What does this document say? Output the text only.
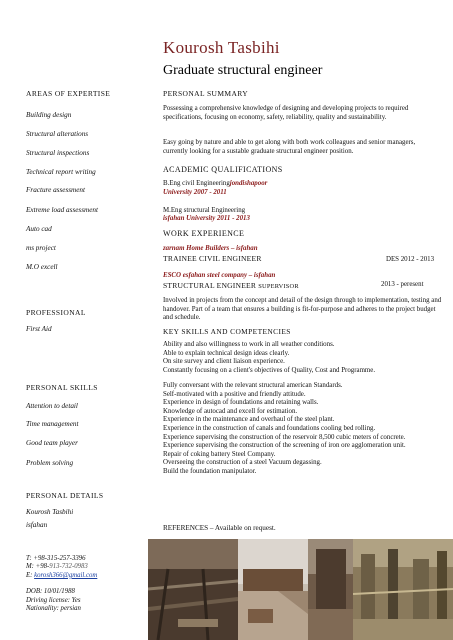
Kourosh Tasbihi
Graduate structural engineer
AREAS OF EXPERTISE
Building design
Structural alterations
Structural inspections
Technical report writing
Fracture assessment
Extreme load assessment
Auto cad
ms project
M.O excell
PROFESSIONAL
First Aid
PERSONAL SKILLS
Attention to detail
Time management
Good team player
Problem solving
PERSONAL DETAILS
Kourosh Tasbihi
isfahan
T: +98-315-257-3396
M: +98-913-732-0983
E: korosh366@gmail.com
DOB: 10/01/1988
Driving license: Yes
Nationality: persian
PERSONAL SUMMARY
Possessing a comprehensive knowledge of designing and developing projects to required specifications, focusing on economy, safety, reliability, quality and sustainability.
Easy going by nature and able to get along with both work colleagues and senior managers, currently looking for a sustable graduate structural engineer position.
ACADEMIC QUALIFICATIONS
B.Eng civil Engineeringjondishapoor
University 2007 - 2011
M.Eng structural Engineering
isfahan University 2011 - 2013
WORK EXPERIENCE
zarnam Home Builders – isfahan
TRAINEE CIVIL ENGINEER	DES 2012 - 2013
ESCO esfahan steel company – isfahan
STRUCTURAL ENGINEER SUPERVISOR	2013 - peresent
Involved in projects from the concept and detail of the design through to implementation, testing and handover. Part of a team that ensures a building is fit-for-purpose and adheres to the project budget and schedule.
KEY SKILLS AND COMPETENCIES
Ability and also willingness to work in all weather conditions.
Able to explain technical design ideas clearly.
On site survey and client liaison experience.
Constantly focusing on a client's objectives of Quality, Cost and Programme.
Fully conversant with the relevant structural american Standards.
Self-motivated with a positive and friendly attitude.
Experience in design of foundations and retaining walls.
Knowledge of autocad and excell for estimation.
Experience in the maintenance and overhaul of the steel plant.
Experience in the construction of canals and foundations cooling bed rolling.
Experience supervising the construction of the reservoir 8,500 cubic meters of concrete.
Experience supervising the construction of the screening of iron ore agglomeration unit.
Repair of coking battery Steel Company.
Overseeing the construction of a steel Vacuum degassing.
Build the foundation manipulator.
REFERENCES – Available on request.
